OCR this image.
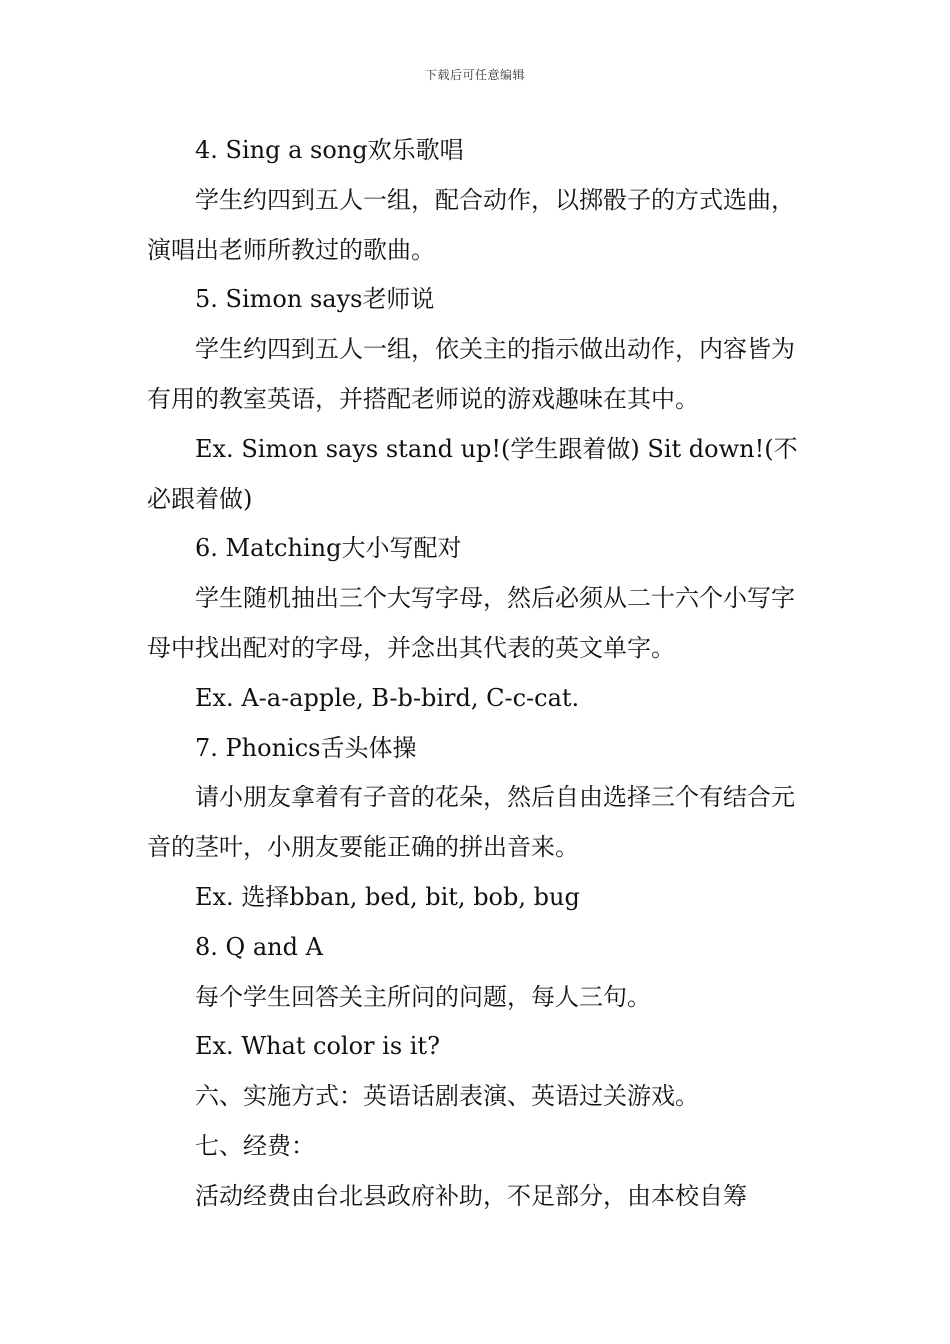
下载后可任意编辑

4. Sing a song欢乐歌唱

学生约四到五人一组，配合动作，以掷骰子的方式选曲，演唱出老师所教过的歌曲。

5. Simon says老师说

学生约四到五人一组，依关主的指示做出动作，内容皆为有用的教室英语，并搭配老师说的游戏趣味在其中。

Ex. Simon says stand up!(学生跟着做) Sit down!(不必跟着做)

6. Matching大小写配对

学生随机抽出三个大写字母，然后必须从二十六个小写字母中找出配对的字母，并念出其代表的英文单字。

Ex. A-a-apple, B-b-bird, C-c-cat.

7. Phonics舌头体操

请小朋友拿着有子音的花朵，然后自由选择三个有结合元音的茎叶，小朋友要能正确的拼出音来。

Ex. 选择bban, bed, bit, bob, bug

8. Q and A

每个学生回答关主所问的问题，每人三句。

Ex. What color is it?

六、实施方式：英语话剧表演、英语过关游戏。

七、经费：

活动经费由台北县政府补助，不足部分，由本校自筹
